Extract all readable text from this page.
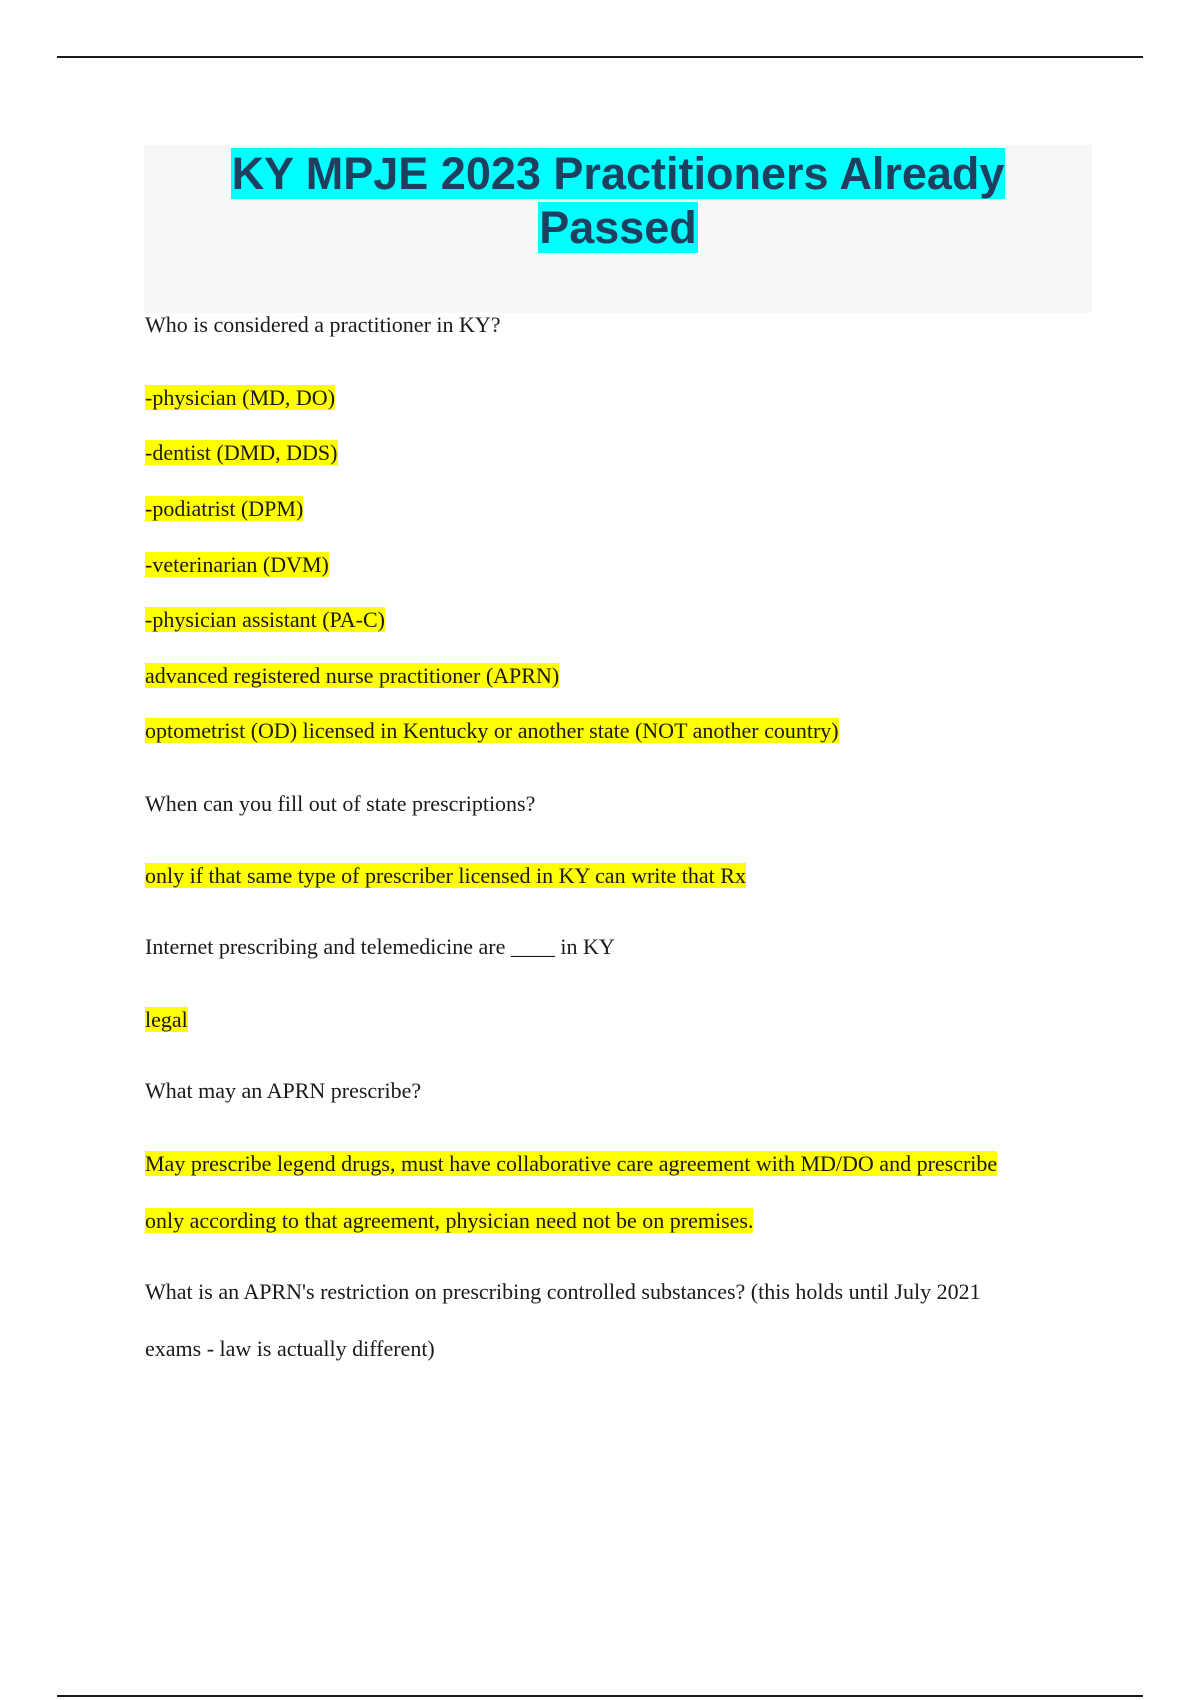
KY MPJE 2023 Practitioners Already
Passed

Who is considered a practitioner in KY?

-physician (MD, DO)

-dentist (DMD, DDS)

-podiatrist (DPM)

-veterinarian (DVM)

-physician assistant (PA-C)

advanced registered nurse practitioner (APRN)

optometrist (OD) licensed in Kentucky or another state (NOT another country)

When can you fill out of state prescriptions?

only if that same type of prescriber licensed in KY can write that Rx

Internet prescribing and telemedicine are ____ in KY

legal

What may an APRN prescribe?

May prescribe legend drugs, must have collaborative care agreement with MD/DO and prescribe

only according to that agreement, physician need not be on premises.

What is an APRN's restriction on prescribing controlled substances? (this holds until July 2021

exams - law is actually different)
